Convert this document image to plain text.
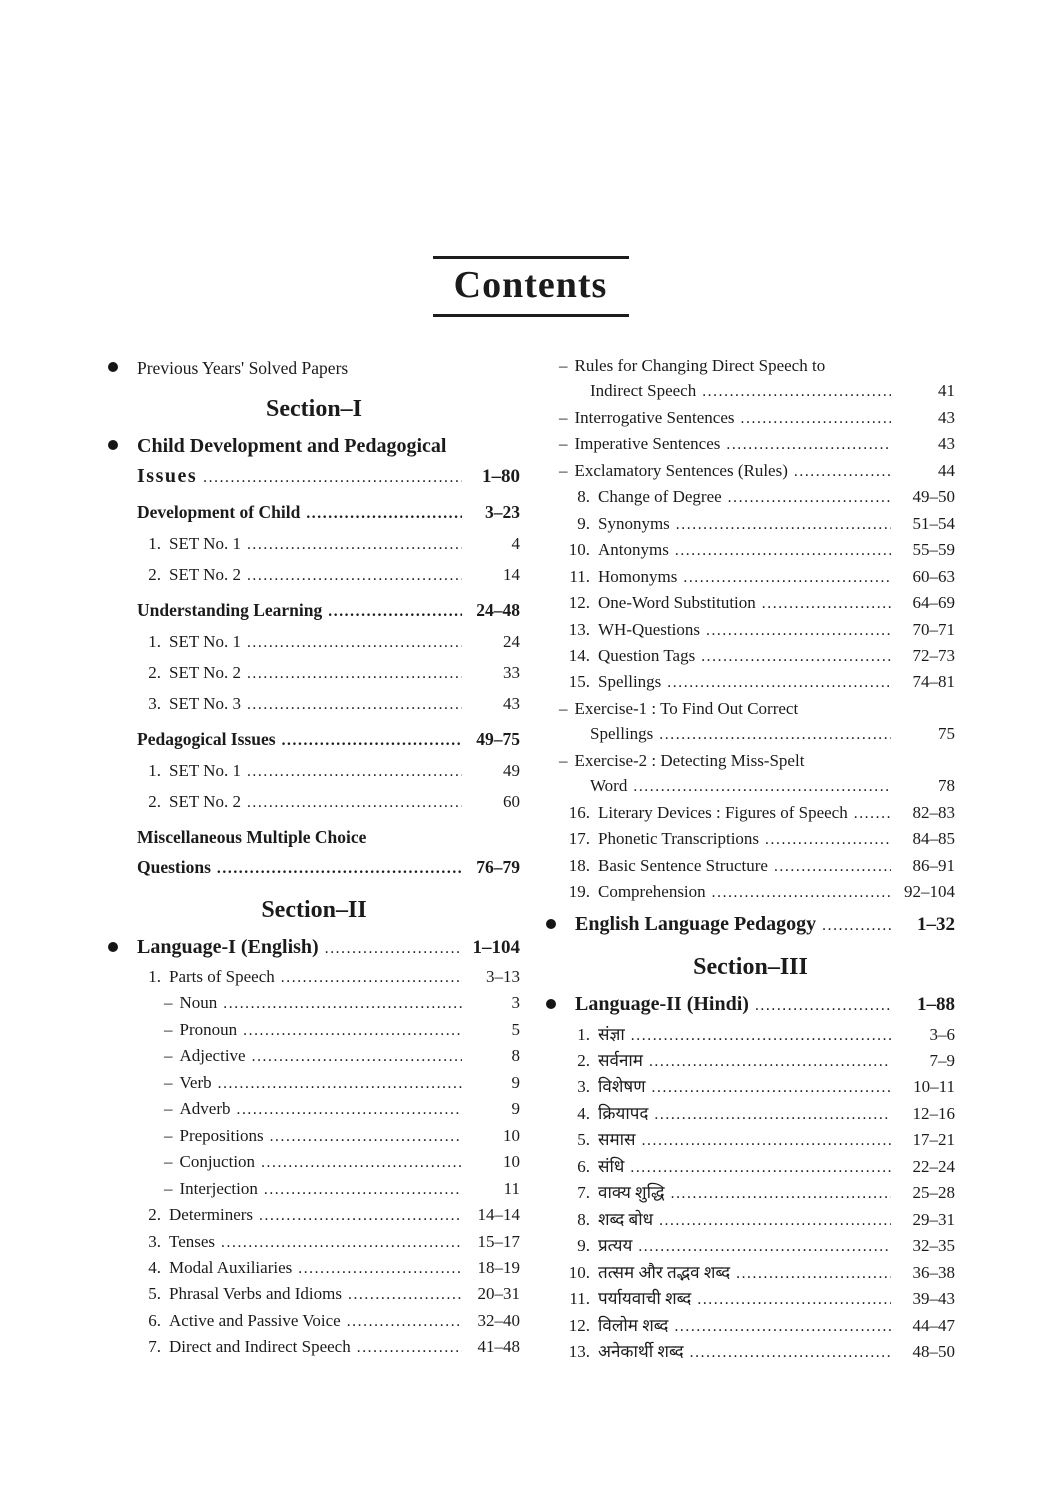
Contents
Previous Years' Solved Papers
Section–I
Child Development and Pedagogical
Issues .....	1–80
Development of Child .....	3–23
1. SET No. 1 .....	4
2. SET No. 2 .....	14
Understanding Learning .....	24–48
1. SET No. 1 .....	24
2. SET No. 2 .....	33
3. SET No. 3 .....	43
Pedagogical Issues .....	49–75
1. SET No. 1 .....	49
2. SET No. 2 .....	60
Miscellaneous Multiple Choice
Questions .....	76–79
Section–II
Language-I (English) .....	1–104
1. Parts of Speech .....	3–13
– Noun .....	3
– Pronoun .....	5
– Adjective .....	8
– Verb .....	9
– Adverb .....	9
– Prepositions .....	10
– Conjuction .....	10
– Interjection .....	11
2. Determiners .....	14–14
3. Tenses .....	15–17
4. Modal Auxiliaries .....	18–19
5. Phrasal Verbs and Idioms .....	20–31
6. Active and Passive Voice .....	32–40
7. Direct and Indirect Speech .....	41–48
– Rules for Changing Direct Speech to
Indirect Speech .....	41
– Interrogative Sentences .....	43
– Imperative Sentences .....	43
– Exclamatory Sentences (Rules) .....	44
8. Change of Degree .....	49–50
9. Synonyms .....	51–54
10. Antonyms .....	55–59
11. Homonyms .....	60–63
12. One-Word Substitution .....	64–69
13. WH-Questions .....	70–71
14. Question Tags .....	72–73
15. Spellings .....	74–81
– Exercise-1 : To Find Out Correct
Spellings .....	75
– Exercise-2 : Detecting Miss-Spelt
Word .....	78
16. Literary Devices : Figures of Speech .....	82–83
17. Phonetic Transcriptions .....	84–85
18. Basic Sentence Structure .....	86–91
19. Comprehension .....	92–104
English Language Pedagogy .....	1–32
Section–III
Language-II (Hindi) .....	1–88
1. संज्ञा .....	3–6
2. सर्वनाम .....	7–9
3. विशेषण .....	10–11
4. क्रियापद .....	12–16
5. समास .....	17–21
6. संधि .....	22–24
7. वाक्य शुद्धि .....	25–28
8. शब्द बोध .....	29–31
9. प्रत्यय .....	32–35
10. तत्सम और तद्भव शब्द .....	36–38
11. पर्यायवाची शब्द .....	39–43
12. विलोम शब्द .....	44–47
13. अनेकार्थी शब्द .....	48–50
